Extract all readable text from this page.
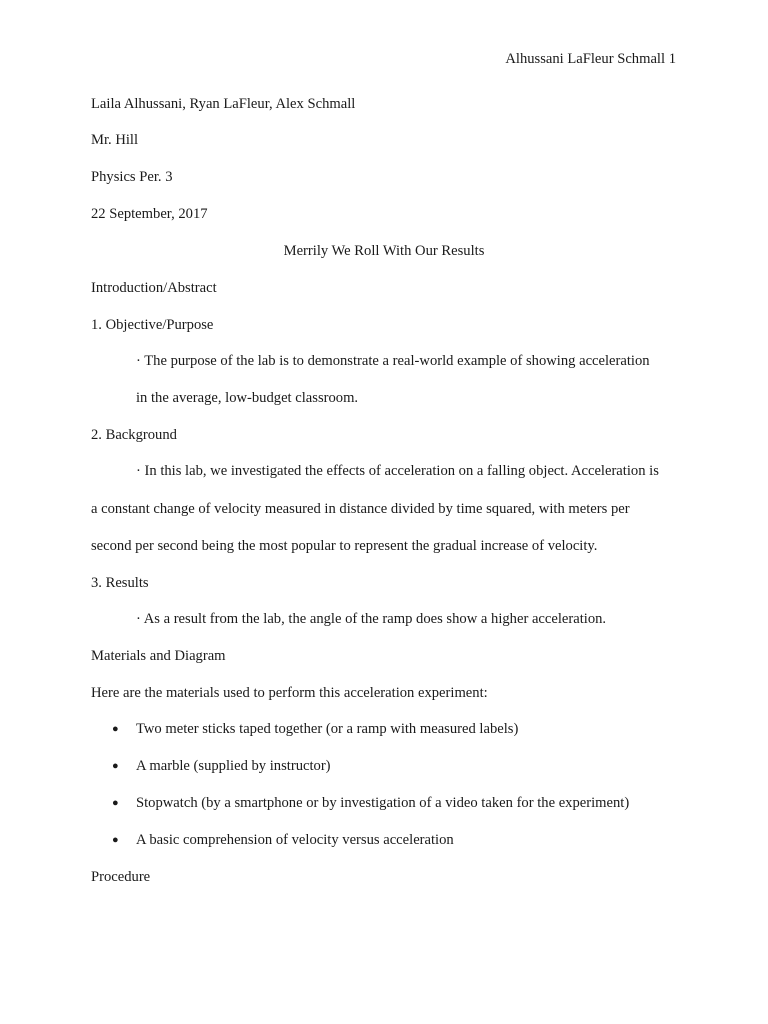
Alhussani LaFleur Schmall 1
Laila Alhussani, Ryan LaFleur, Alex Schmall
Mr. Hill
Physics Per. 3
22 September, 2017
Merrily We Roll With Our Results
Introduction/Abstract
1. Objective/Purpose
· The purpose of the lab is to demonstrate a real-world example of showing acceleration
in the average, low-budget classroom.
2. Background
· In this lab, we investigated the effects of acceleration on a falling object. Acceleration is
a constant change of velocity measured in distance divided by time squared, with meters per
second per second being the most popular to represent the gradual increase of velocity.
3. Results
· As a result from the lab, the angle of the ramp does show a higher acceleration.
Materials and Diagram
Here are the materials used to perform this acceleration experiment:
● Two meter sticks taped together (or a ramp with measured labels)
● A marble (supplied by instructor)
● Stopwatch (by a smartphone or by investigation of a video taken for the experiment)
● A basic comprehension of velocity versus acceleration
Procedure
